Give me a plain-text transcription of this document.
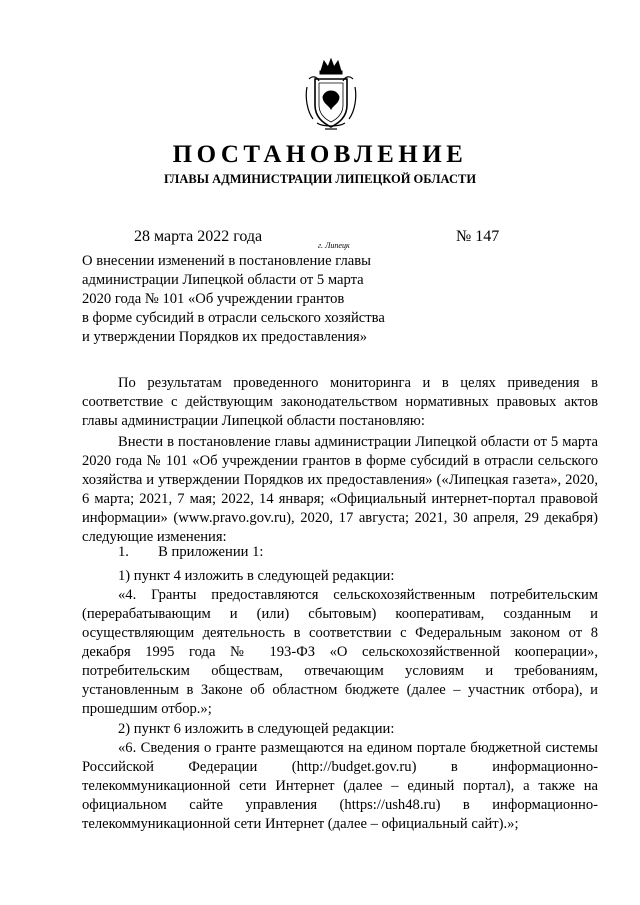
ПОСТАНОВЛЕНИЕ
ГЛАВЫ АДМИНИСТРАЦИИ ЛИПЕЦКОЙ ОБЛАСТИ
28 марта 2022 года
г. Липецк
№ 147
О внесении изменений в постановление главы
администрации Липецкой области от 5 марта
2020 года № 101 «Об учреждении грантов
в форме субсидий в отрасли сельского хозяйства
и утверждении Порядков их предоставления»

По результатам проведенного мониторинга и в целях приведения в соответствие с действующим законодательством нормативных правовых актов главы администрации Липецкой области постановляю:

Внести в постановление главы администрации Липецкой области от 5 марта 2020 года № 101 «Об учреждении грантов в форме субсидий в отрасли сельского хозяйства и утверждении Порядков их предоставления» («Липецкая газета», 2020, 6 марта; 2021, 7 мая; 2022, 14 января; «Официальный интернет-портал правовой информации» (www.pravo.gov.ru), 2020, 17 августа; 2021, 30 апреля, 29 декабря) следующие изменения:

1.        В приложении 1:

1) пункт 4 изложить в следующей редакции:

«4. Гранты предоставляются сельскохозяйственным потребительским (перерабатывающим и (или) сбытовым) кооперативам, созданным и осуществляющим деятельность в соответствии с Федеральным законом от 8 декабря 1995 года № 193-ФЗ «О сельскохозяйственной кооперации», потребительским обществам, отвечающим условиям и требованиям, установленным в Законе об областном бюджете (далее – участник отбора), и прошедшим отбор.»;

2) пункт 6 изложить в следующей редакции:

«6. Сведения о гранте размещаются на едином портале бюджетной системы Российской Федерации (http://budget.gov.ru) в информационно-телекоммуникационной сети Интернет (далее – единый портал), а также на официальном сайте управления (https://ush48.ru) в информационно-телекоммуникационной сети Интернет (далее – официальный сайт).»;
